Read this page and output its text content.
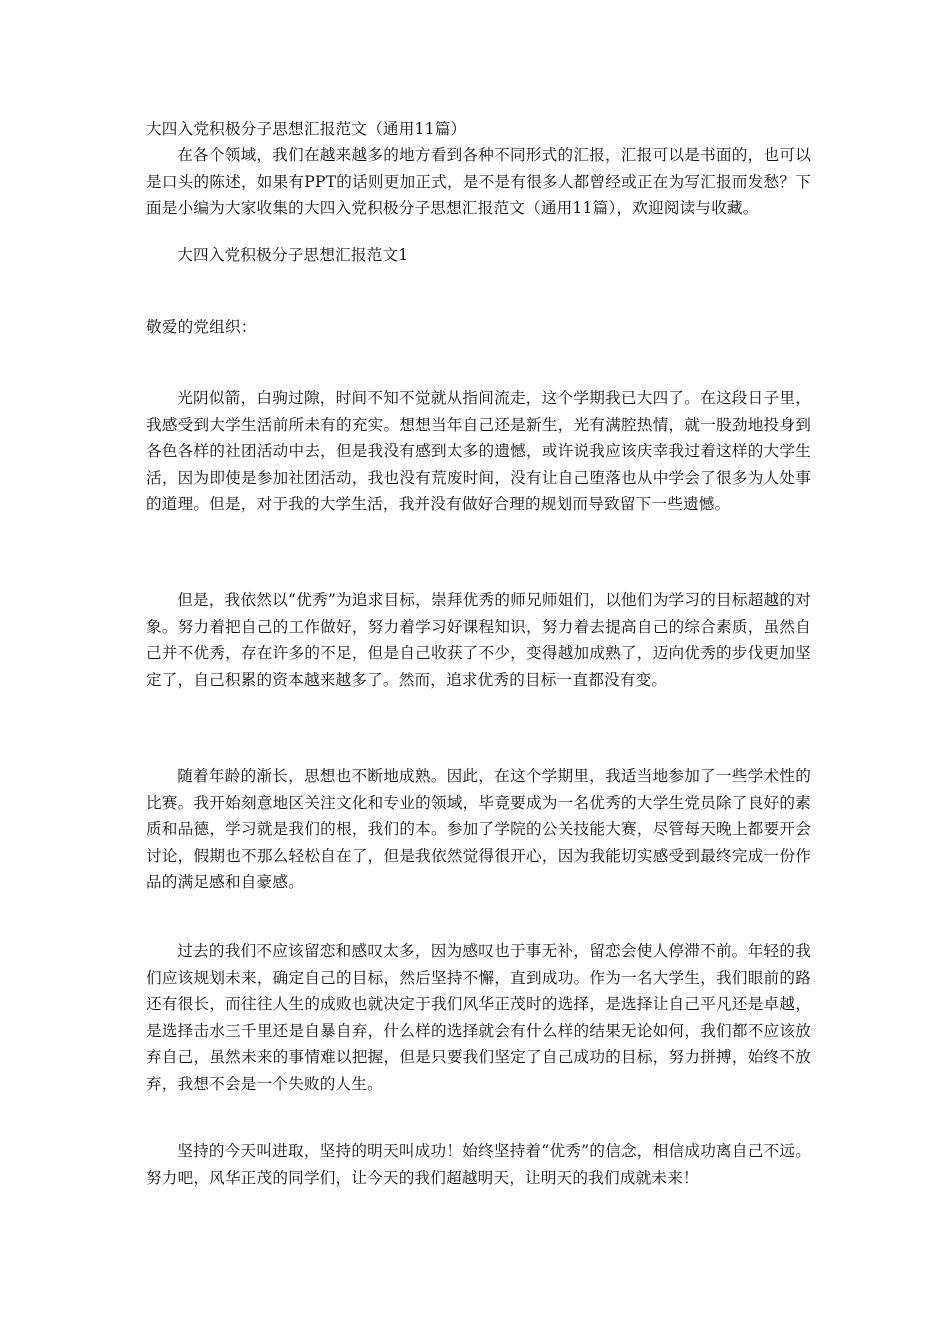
大四入党积极分子思想汇报范文（通用11篇）

在各个领域，我们在越来越多的地方看到各种不同形式的汇报，汇报可以是书面的，也可以是口头的陈述，如果有PPT的话则更加正式，是不是有很多人都曾经或正在为写汇报而发愁？下面是小编为大家收集的大四入党积极分子思想汇报范文（通用11篇），欢迎阅读与收藏。

大四入党积极分子思想汇报范文1

敬爱的党组织：

光阴似箭，白驹过隙，时间不知不觉就从指间流走，这个学期我已大四了。在这段日子里，我感受到大学生活前所未有的充实。想想当年自己还是新生，光有满腔热情，就一股劲地投身到各色各样的社团活动中去，但是我没有感到太多的遗憾，或许说我应该庆幸我过着这样的大学生活，因为即使是参加社团活动，我也没有荒废时间，没有让自己堕落也从中学会了很多为人处事的道理。但是，对于我的大学生活，我并没有做好合理的规划而导致留下一些遗憾。

但是，我依然以“优秀”为追求目标，崇拜优秀的师兄师姐们，以他们为学习的目标超越的对象。努力着把自己的工作做好，努力着学习好课程知识，努力着去提高自己的综合素质，虽然自己并不优秀，存在许多的不足，但是自己收获了不少，变得越加成熟了，迈向优秀的步伐更加坚定了，自己积累的资本越来越多了。然而，追求优秀的目标一直都没有变。

随着年龄的渐长，思想也不断地成熟。因此，在这个学期里，我适当地参加了一些学术性的比赛。我开始刻意地区关注文化和专业的领域，毕竟要成为一名优秀的大学生党员除了良好的素质和品德，学习就是我们的根，我们的本。参加了学院的公关技能大赛，尽管每天晚上都要开会讨论，假期也不那么轻松自在了，但是我依然觉得很开心，因为我能切实感受到最终完成一份作品的满足感和自豪感。

过去的我们不应该留恋和感叹太多，因为感叹也于事无补，留恋会使人停滞不前。年轻的我们应该规划未来，确定自己的目标，然后坚持不懈，直到成功。作为一名大学生，我们眼前的路还有很长，而往往人生的成败也就决定于我们风华正茂时的选择，是选择让自己平凡还是卓越，是选择击水三千里还是自暴自弃，什么样的选择就会有什么样的结果无论如何，我们都不应该放弃自己，虽然未来的事情难以把握，但是只要我们坚定了自己成功的目标，努力拼搏，始终不放弃，我想不会是一个失败的人生。

坚持的今天叫进取，坚持的明天叫成功！始终坚持着“优秀”的信念，相信成功离自己不远。努力吧，风华正茂的同学们，让今天的我们超越明天，让明天的我们成就未来！
